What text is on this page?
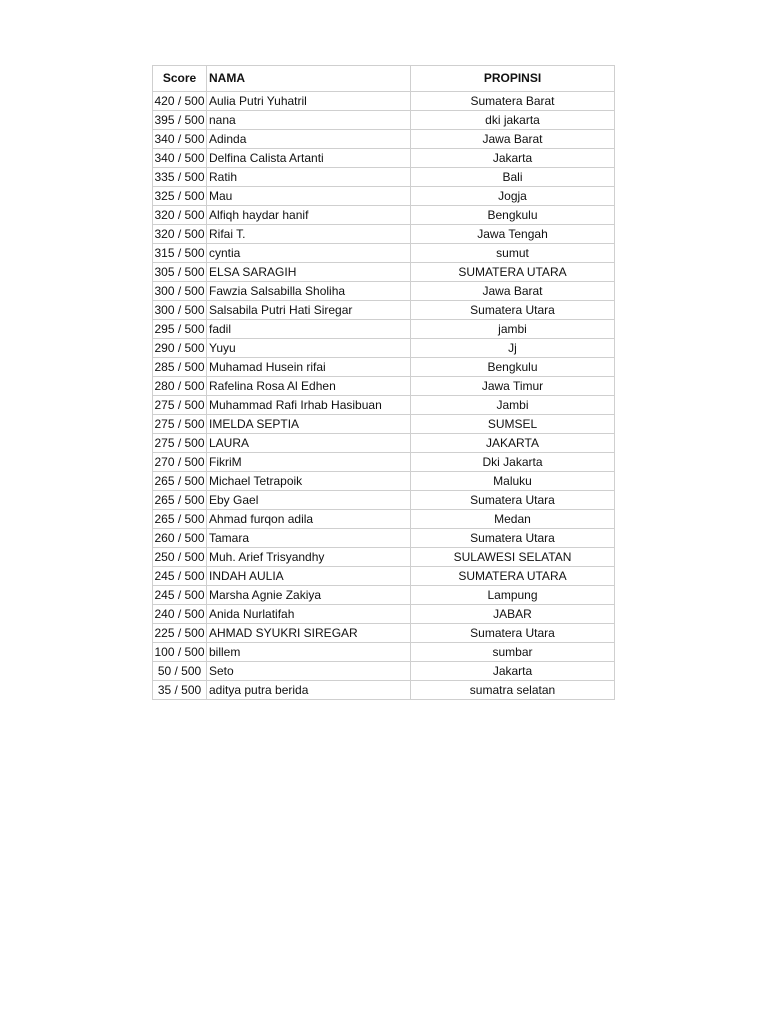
Score	NAMA	PROPINSI
420 / 500	Aulia Putri Yuhatril	Sumatera Barat
395 / 500	nana	dki jakarta
340 / 500	Adinda	Jawa Barat
340 / 500	Delfina Calista Artanti	Jakarta
335 / 500	Ratih	Bali
325 / 500	Mau	Jogja
320 / 500	Alfiqh haydar hanif	Bengkulu
320 / 500	Rifai T.	Jawa Tengah
315 / 500	cyntia	sumut
305 / 500	ELSA SARAGIH	SUMATERA UTARA
300 / 500	Fawzia Salsabilla Sholiha	Jawa Barat
300 / 500	Salsabila Putri Hati Siregar	Sumatera Utara
295 / 500	fadil	jambi
290 / 500	Yuyu	Jj
285 / 500	Muhamad Husein rifai	Bengkulu
280 / 500	Rafelina Rosa Al Edhen	Jawa Timur
275 / 500	Muhammad Rafi Irhab Hasibuan	Jambi
275 / 500	IMELDA SEPTIA	SUMSEL
275 / 500	LAURA	JAKARTA
270 / 500	FikriM	Dki Jakarta
265 / 500	Michael Tetrapoik	Maluku
265 / 500	Eby Gael	Sumatera Utara
265 / 500	Ahmad furqon adila	Medan
260 / 500	Tamara	Sumatera Utara
250 / 500	Muh. Arief Trisyandhy	SULAWESI SELATAN
245 / 500	INDAH AULIA	SUMATERA UTARA
245 / 500	Marsha Agnie Zakiya	Lampung
240 / 500	Anida Nurlatifah	JABAR
225 / 500	AHMAD SYUKRI SIREGAR	Sumatera Utara
100 / 500	billem	sumbar
50 / 500	Seto	Jakarta
35 / 500	aditya putra berida	sumatra selatan
